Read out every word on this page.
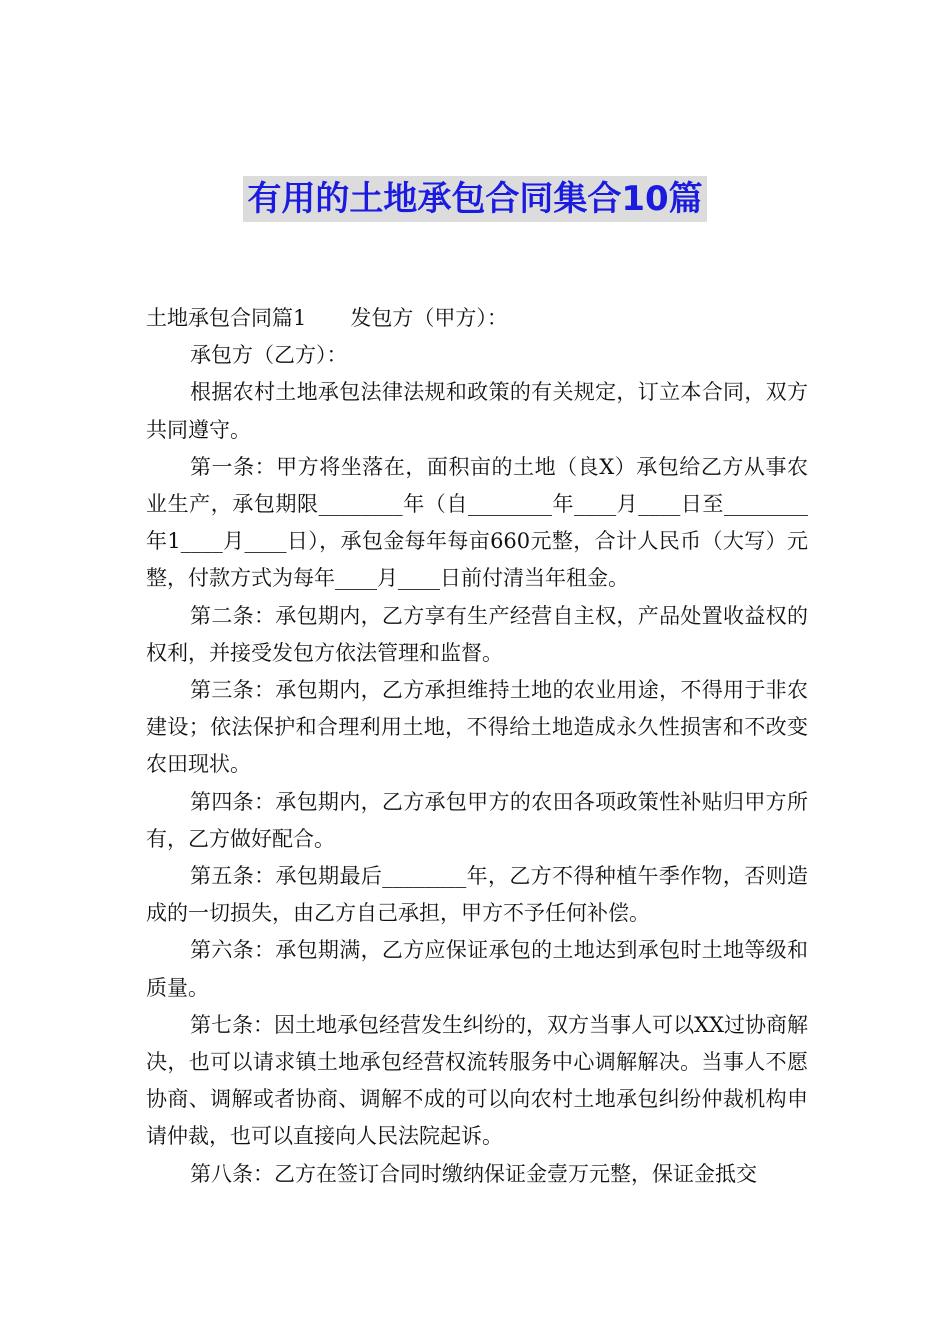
有用的土地承包合同集合10篇

土地承包合同篇1 发包方（甲方）：

承包方（乙方）：

根据农村土地承包法律法规和政策的有关规定，订立本合同，双方共同遵守。

第一条：甲方将坐落在，面积亩的土地（良X）承包给乙方从事农业生产，承包期限________年（自________年____月____日至________年1____月____日），承包金每年每亩660元整，合计人民币（大写）元整，付款方式为每年____月____日前付清当年租金。

第二条：承包期内，乙方享有生产经营自主权，产品处置收益权的权利，并接受发包方依法管理和监督。

第三条：承包期内，乙方承担维持土地的农业用途，不得用于非农建设；依法保护和合理利用土地，不得给土地造成永久性损害和不改变农田现状。

第四条：承包期内，乙方承包甲方的农田各项政策性补贴归甲方所有，乙方做好配合。

第五条：承包期最后________年，乙方不得种植午季作物，否则造成的一切损失，由乙方自己承担，甲方不予任何补偿。

第六条：承包期满，乙方应保证承包的土地达到承包时土地等级和质量。

第七条：因土地承包经营发生纠纷的，双方当事人可以XX过协商解决，也可以请求镇土地承包经营权流转服务中心调解解决。当事人不愿协商、调解或者协商、调解不成的可以向农村土地承包纠纷仲裁机构申请仲裁，也可以直接向人民法院起诉。

第八条：乙方在签订合同时缴纳保证金壹万元整，保证金抵交
